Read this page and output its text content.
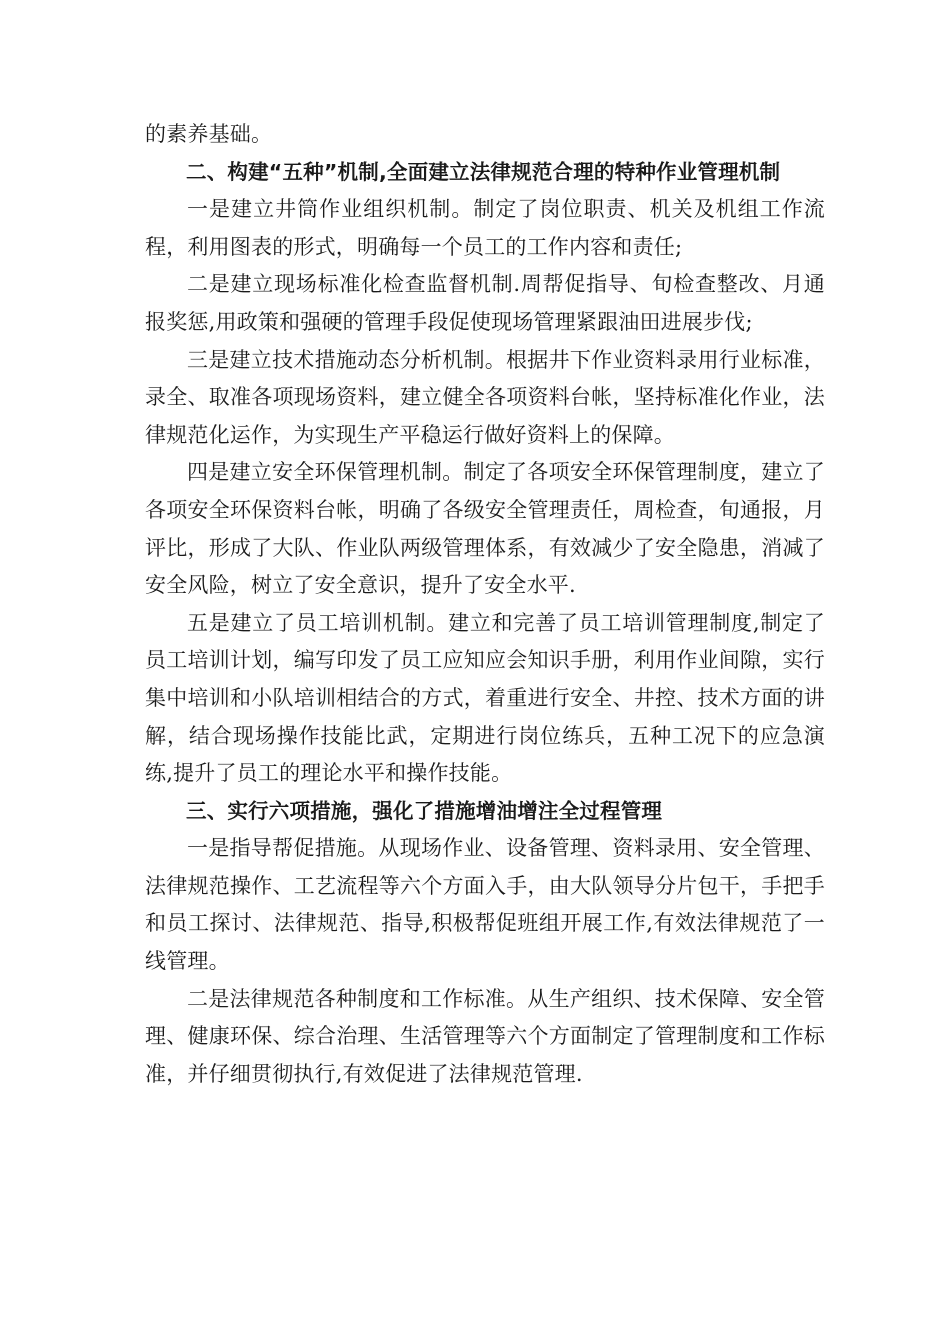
的素养基础。

二、构建“五种”机制,全面建立法律规范合理的特种作业管理机制

一是建立井筒作业组织机制。制定了岗位职责、机关及机组工作流程，利用图表的形式，明确每一个员工的工作内容和责任;

二是建立现场标准化检查监督机制.周帮促指导、旬检查整改、月通报奖惩,用政策和强硬的管理手段促使现场管理紧跟油田进展步伐;

三是建立技术措施动态分析机制。根据井下作业资料录用行业标准，录全、取准各项现场资料，建立健全各项资料台帐，坚持标准化作业，法律规范化运作，为实现生产平稳运行做好资料上的保障。

四是建立安全环保管理机制。制定了各项安全环保管理制度，建立了各项安全环保资料台帐，明确了各级安全管理责任，周检查，旬通报，月评比，形成了大队、作业队两级管理体系，有效减少了安全隐患，消减了安全风险，树立了安全意识，提升了安全水平.

五是建立了员工培训机制。建立和完善了员工培训管理制度,制定了员工培训计划，编写印发了员工应知应会知识手册，利用作业间隙，实行集中培训和小队培训相结合的方式，着重进行安全、井控、技术方面的讲解，结合现场操作技能比武，定期进行岗位练兵，五种工况下的应急演练,提升了员工的理论水平和操作技能。

三、实行六项措施，强化了措施增油增注全过程管理

一是指导帮促措施。从现场作业、设备管理、资料录用、安全管理、法律规范操作、工艺流程等六个方面入手，由大队领导分片包干，手把手和员工探讨、法律规范、指导,积极帮促班组开展工作,有效法律规范了一线管理。

二是法律规范各种制度和工作标准。从生产组织、技术保障、安全管理、健康环保、综合治理、生活管理等六个方面制定了管理制度和工作标准，并仔细贯彻执行,有效促进了法律规范管理.
